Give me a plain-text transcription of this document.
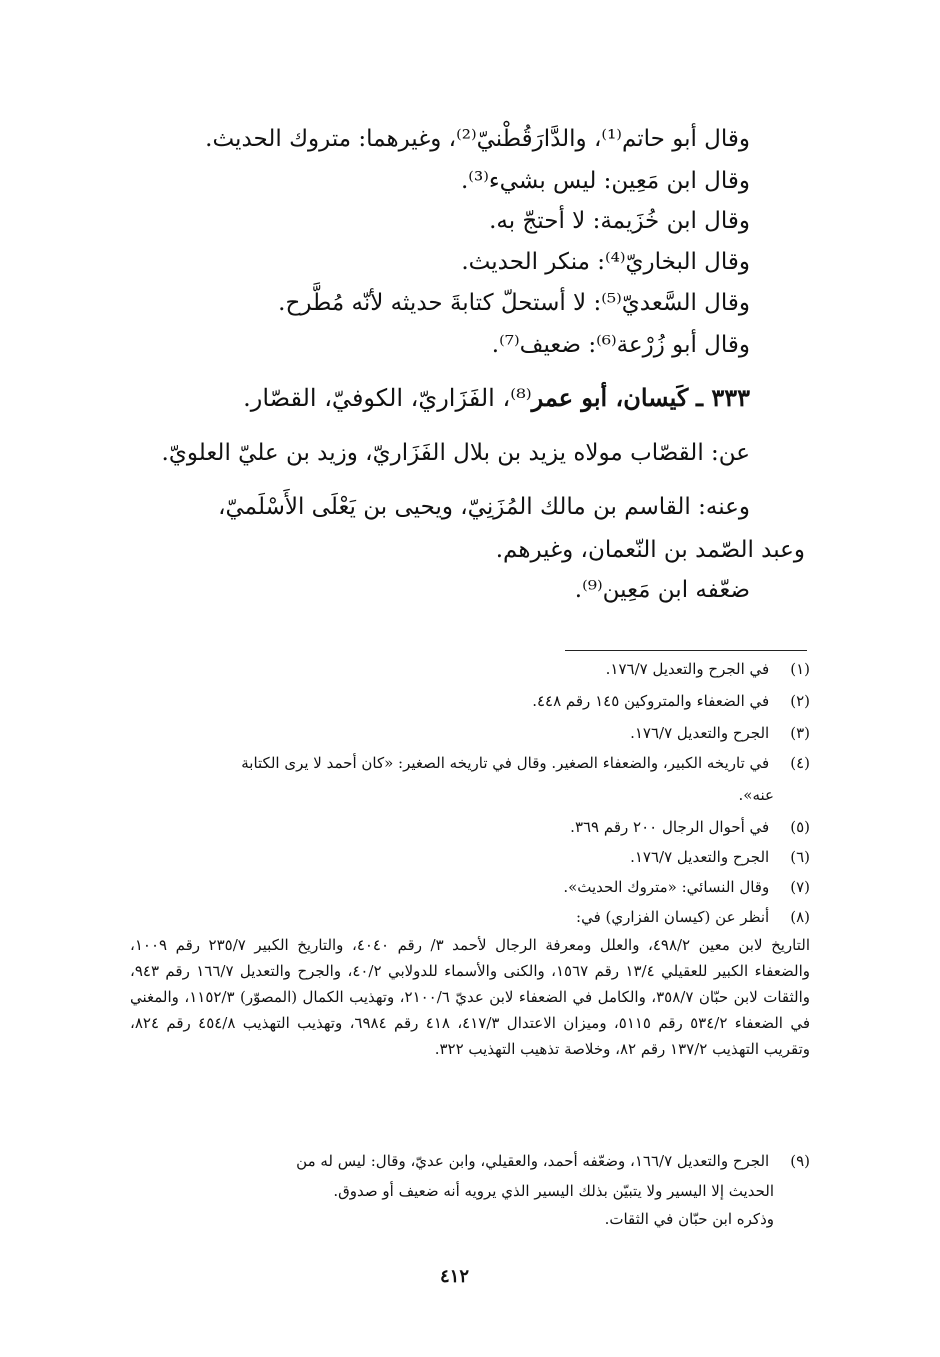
وقال أبو حاتم⁽¹⁾، والدَّارَقُطْنيّ⁽²⁾، وغيرهما: متروك الحديث.
وقال ابن مَعِين: ليس بشيء⁽³⁾.
وقال ابن خُزَيمة: لا أحتجّ به.
وقال البخاريّ⁽⁴⁾: منكر الحديث.
وقال السَّعديّ⁽⁵⁾: لا أستحلّ كتابةَ حديثه لأنّه مُطَّرح.
وقال أبو زُرْعة⁽⁶⁾: ضعيف⁽⁷⁾.
٣٣٣ ـ كَيسان، أبو عمر⁽⁸⁾، الفَزَاريّ، الكوفيّ، القصّار.
عن: القصّاب مولاه يزيد بن بلال الفَزَاريّ، وزيد بن عليّ العلويّ.
وعنه: القاسم بن مالك المُزَنِيّ، ويحيى بن يَعْلَى الأَسْلَميّ،
وعبد الصّمد بن النّعمان، وغيرهم.
ضعّفه ابن مَعِين⁽⁹⁾.
(١) في الجرح والتعديل ١٧٦/٧.
(٢) في الضعفاء والمتروكين ١٤٥ رقم ٤٤٨.
(٣) الجرح والتعديل ١٧٦/٧.
(٤) في تاريخه الكبير، والضعفاء الصغير. وقال في تاريخه الصغير: «كان أحمد لا يرى الكتابة
عنه».
(٥) في أحوال الرجال ٢٠٠ رقم ٣٦٩.
(٦) الجرح والتعديل ١٧٦/٧.
(٧) وقال النسائي: «متروك الحديث».
(٨) أنظر عن (كيسان الفزاري) في:
التاريخ لابن معين ٤٩٨/٢، والعلل ومعرفة الرجال لأحمد ٣/ رقم ٤٠٤٠، والتاريخ الكبير ٢٣٥/٧ رقم ١٠٠٩، والضعفاء الكبير للعقيلي ١٣/٤ رقم ١٥٦٧، والكنى والأسماء للدولابي ٤٠/٢، والجرح والتعديل ١٦٦/٧ رقم ٩٤٣، والثقات لابن حبّان ٣٥٨/٧، والكامل في الضعفاء لابن عديّ ٢١٠٠/٦، وتهذيب الكمال (المصوّر) ١١٥٢/٣، والمغني في الضعفاء ٥٣٤/٢ رقم ٥١١٥، وميزان الاعتدال ٤١٧/٣، ٤١٨ رقم ٦٩٨٤، وتهذيب التهذيب ٤٥٤/٨ رقم ٨٢٤، وتقريب التهذيب ١٣٧/٢ رقم ٨٢، وخلاصة تذهيب التهذيب ٣٢٢.
(٩) الجرح والتعديل ١٦٦/٧، وضعّفه أحمد، والعقيلي، وابن عديّ، وقال: ليس له من
الحديث إلا اليسير ولا يتبيّن بذلك اليسير الذي يرويه أنه ضعيف أو صدوق.
وذكره ابن حبّان في الثقات.
٤١٢
